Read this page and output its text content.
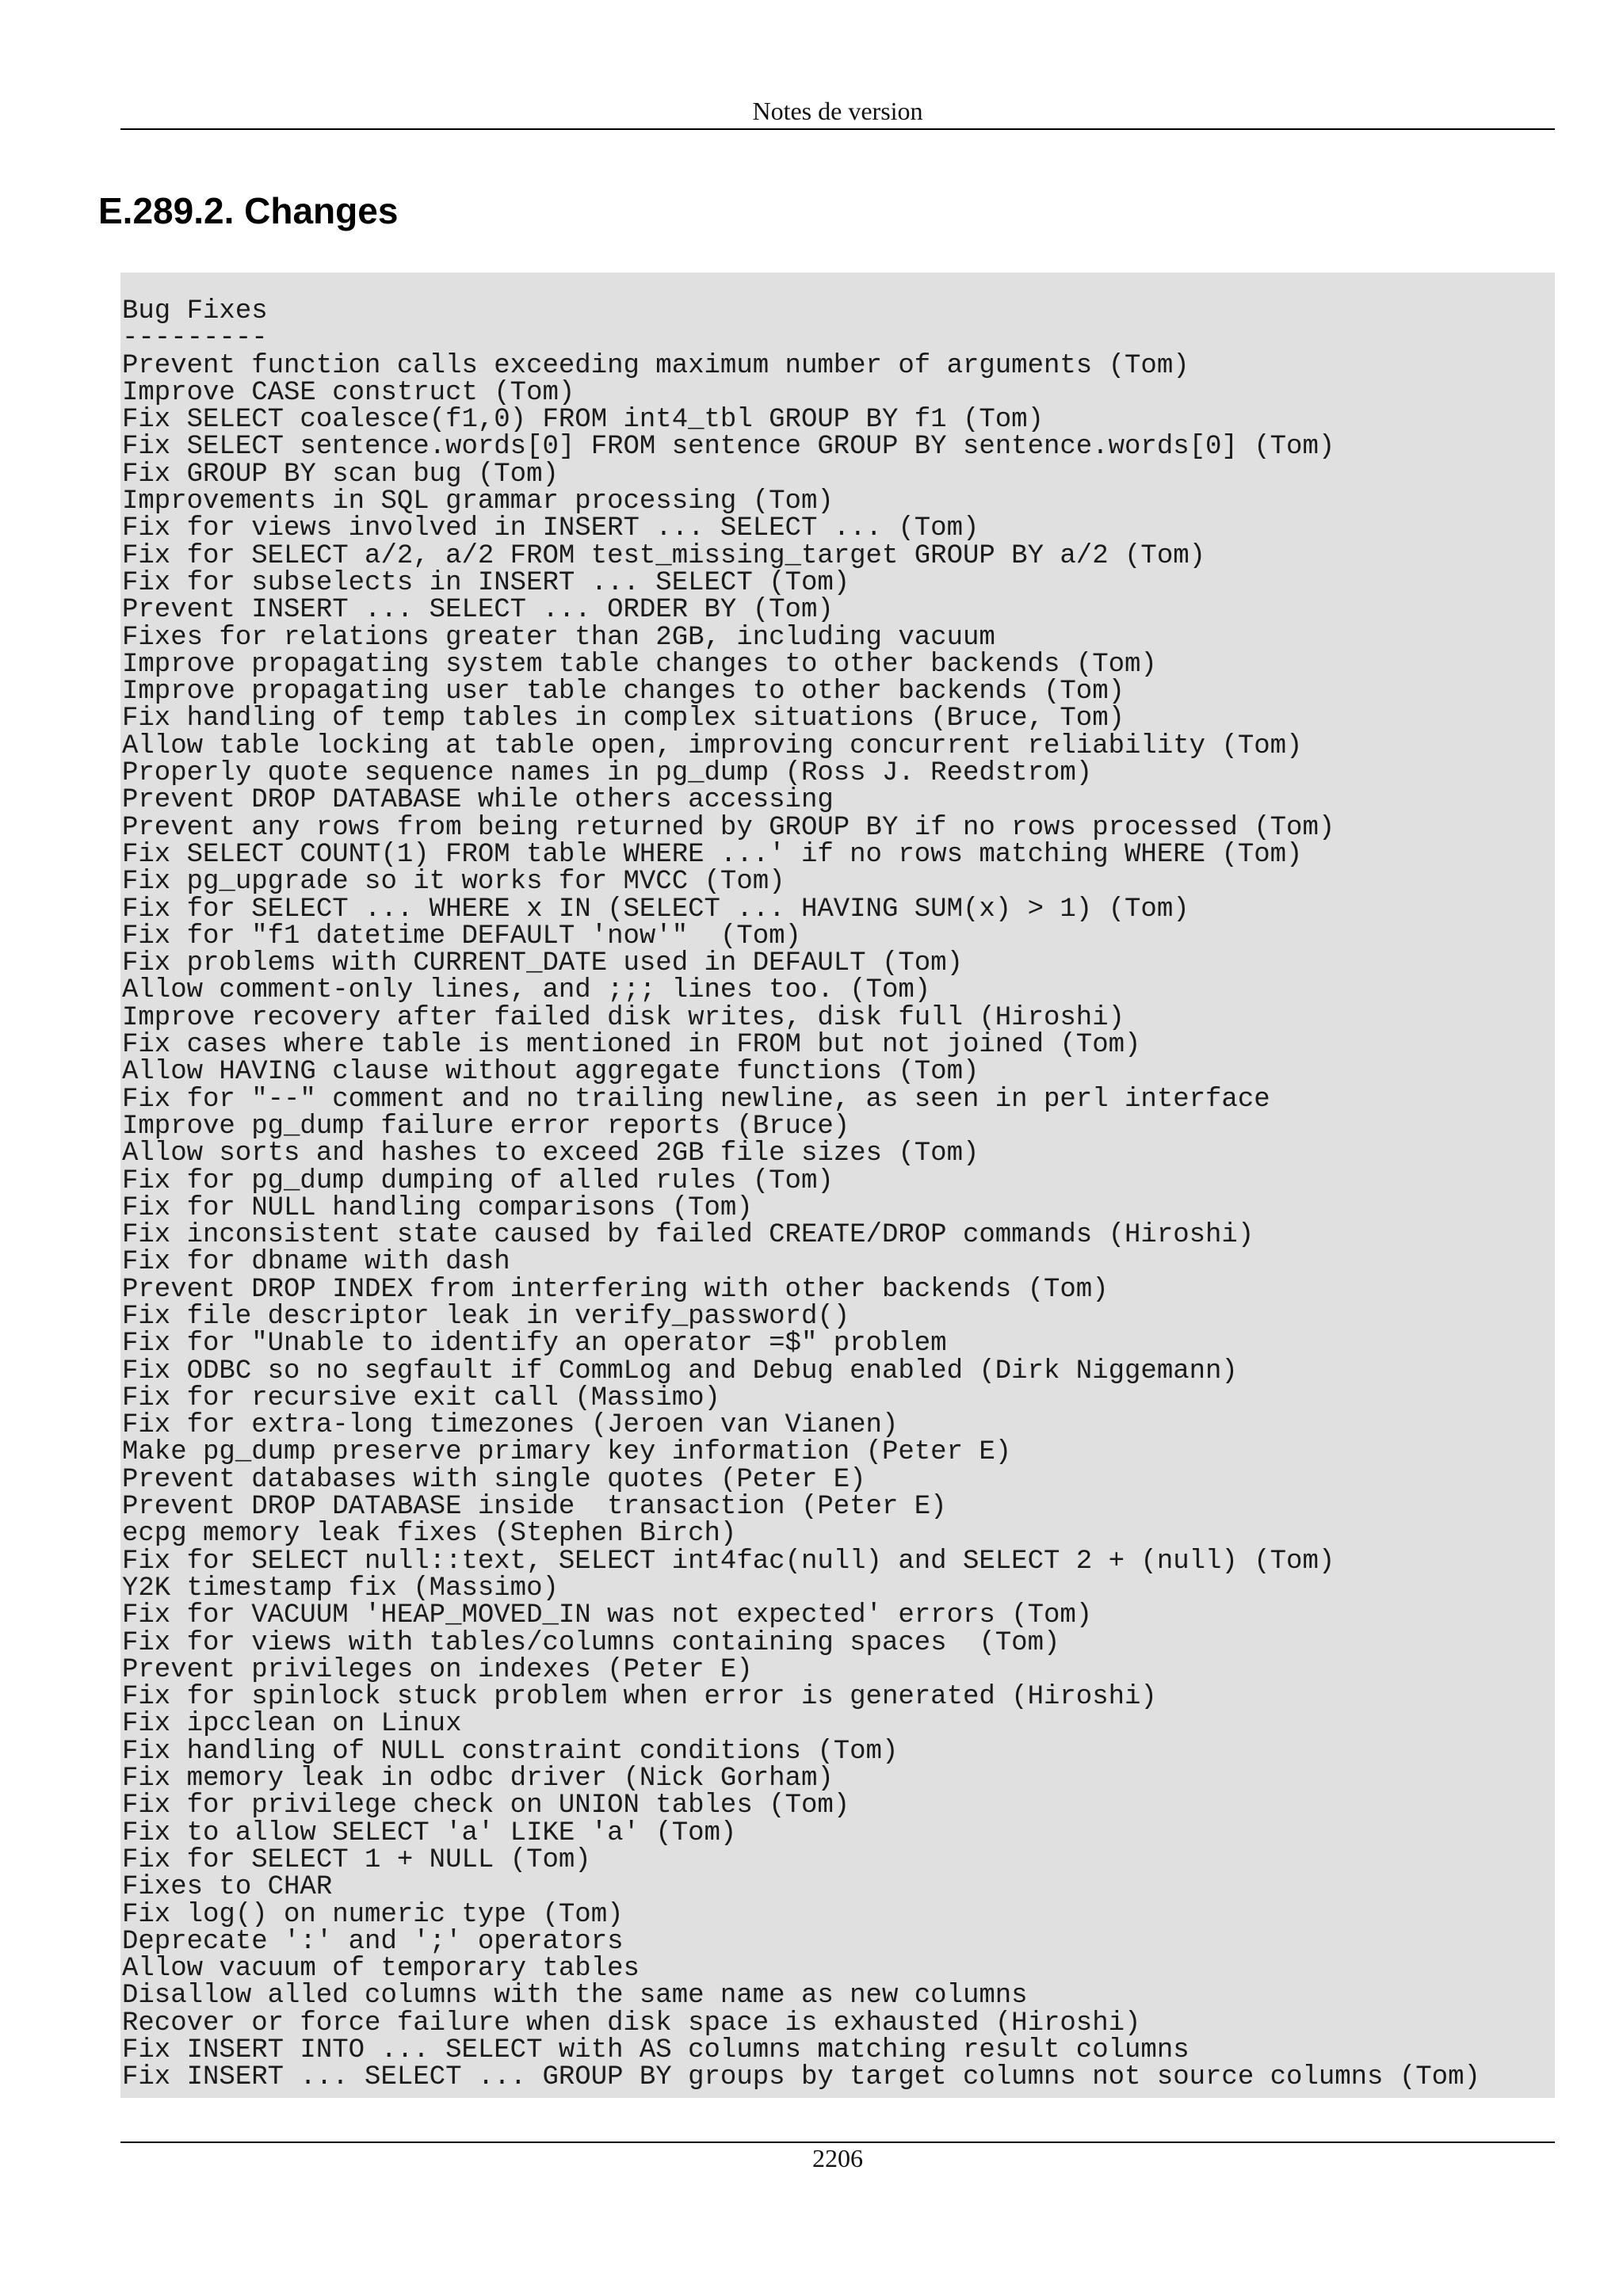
Notes de version
E.289.2. Changes
Bug Fixes
---------
Prevent function calls exceeding maximum number of arguments (Tom)
Improve CASE construct (Tom)
Fix SELECT coalesce(f1,0) FROM int4_tbl GROUP BY f1 (Tom)
Fix SELECT sentence.words[0] FROM sentence GROUP BY sentence.words[0] (Tom)
Fix GROUP BY scan bug (Tom)
Improvements in SQL grammar processing (Tom)
Fix for views involved in INSERT ... SELECT ... (Tom)
Fix for SELECT a/2, a/2 FROM test_missing_target GROUP BY a/2 (Tom)
Fix for subselects in INSERT ... SELECT (Tom)
Prevent INSERT ... SELECT ... ORDER BY (Tom)
Fixes for relations greater than 2GB, including vacuum
Improve propagating system table changes to other backends (Tom)
Improve propagating user table changes to other backends (Tom)
Fix handling of temp tables in complex situations (Bruce, Tom)
Allow table locking at table open, improving concurrent reliability (Tom)
Properly quote sequence names in pg_dump (Ross J. Reedstrom)
Prevent DROP DATABASE while others accessing
Prevent any rows from being returned by GROUP BY if no rows processed (Tom)
Fix SELECT COUNT(1) FROM table WHERE ...' if no rows matching WHERE (Tom)
Fix pg_upgrade so it works for MVCC (Tom)
Fix for SELECT ... WHERE x IN (SELECT ... HAVING SUM(x) > 1) (Tom)
Fix for "f1 datetime DEFAULT 'now'"  (Tom)
Fix problems with CURRENT_DATE used in DEFAULT (Tom)
Allow comment-only lines, and ;;; lines too. (Tom)
Improve recovery after failed disk writes, disk full (Hiroshi)
Fix cases where table is mentioned in FROM but not joined (Tom)
Allow HAVING clause without aggregate functions (Tom)
Fix for "--" comment and no trailing newline, as seen in perl interface
Improve pg_dump failure error reports (Bruce)
Allow sorts and hashes to exceed 2GB file sizes (Tom)
Fix for pg_dump dumping of alled rules (Tom)
Fix for NULL handling comparisons (Tom)
Fix inconsistent state caused by failed CREATE/DROP commands (Hiroshi)
Fix for dbname with dash
Prevent DROP INDEX from interfering with other backends (Tom)
Fix file descriptor leak in verify_password()
Fix for "Unable to identify an operator =$" problem
Fix ODBC so no segfault if CommLog and Debug enabled (Dirk Niggemann)
Fix for recursive exit call (Massimo)
Fix for extra-long timezones (Jeroen van Vianen)
Make pg_dump preserve primary key information (Peter E)
Prevent databases with single quotes (Peter E)
Prevent DROP DATABASE inside  transaction (Peter E)
ecpg memory leak fixes (Stephen Birch)
Fix for SELECT null::text, SELECT int4fac(null) and SELECT 2 + (null) (Tom)
Y2K timestamp fix (Massimo)
Fix for VACUUM 'HEAP_MOVED_IN was not expected' errors (Tom)
Fix for views with tables/columns containing spaces  (Tom)
Prevent privileges on indexes (Peter E)
Fix for spinlock stuck problem when error is generated (Hiroshi)
Fix ipcclean on Linux
Fix handling of NULL constraint conditions (Tom)
Fix memory leak in odbc driver (Nick Gorham)
Fix for privilege check on UNION tables (Tom)
Fix to allow SELECT 'a' LIKE 'a' (Tom)
Fix for SELECT 1 + NULL (Tom)
Fixes to CHAR
Fix log() on numeric type (Tom)
Deprecate ':' and ';' operators
Allow vacuum of temporary tables
Disallow alled columns with the same name as new columns
Recover or force failure when disk space is exhausted (Hiroshi)
Fix INSERT INTO ... SELECT with AS columns matching result columns
Fix INSERT ... SELECT ... GROUP BY groups by target columns not source columns (Tom)
2206
